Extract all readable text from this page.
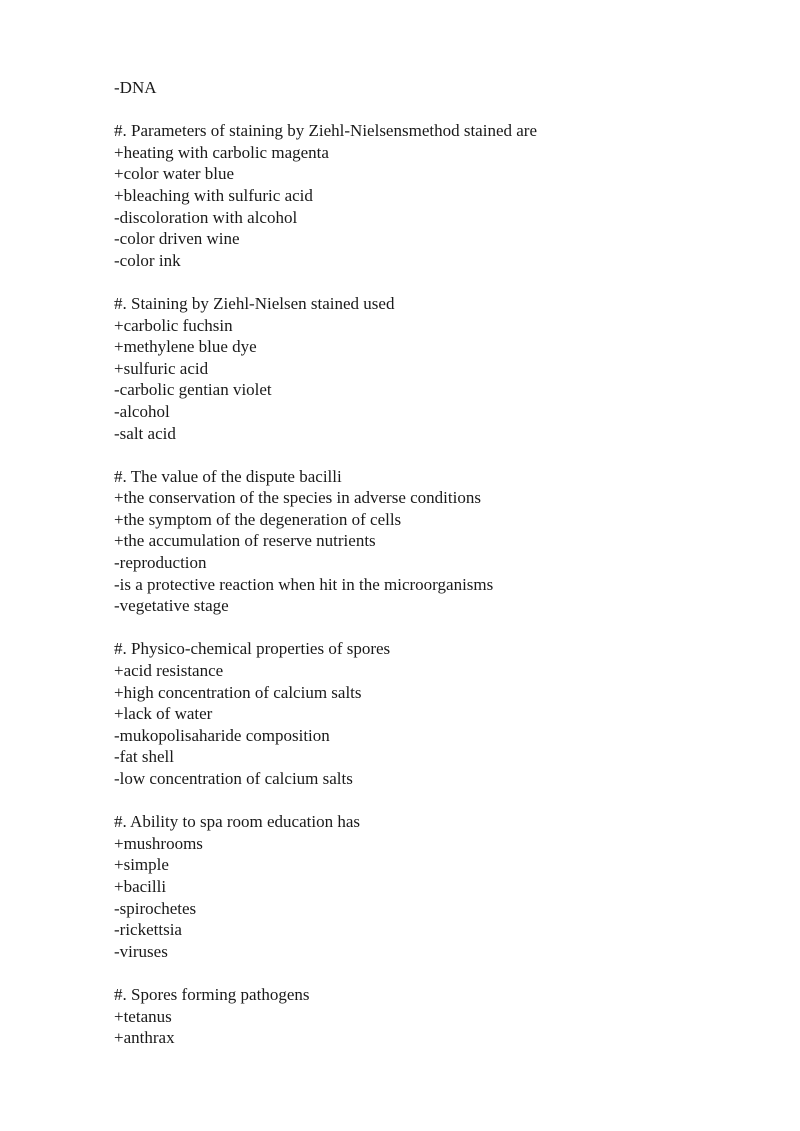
-DNA
#. Parameters of staining by Ziehl-Nielsensmethod stained are
+heating with carbolic magenta
+color water blue
+bleaching with sulfuric acid
-discoloration with alcohol
-color driven wine
-color ink
#. Staining by Ziehl-Nielsen stained used
+carbolic fuchsin
+methylene blue dye
+sulfuric acid
-carbolic gentian violet
-alcohol
-salt acid
#. The value of the dispute bacilli
+the conservation of the species in adverse conditions
+the symptom of the degeneration of cells
+the accumulation of reserve nutrients
-reproduction
-is a protective reaction when hit in the microorganisms
-vegetative stage
#. Physico-chemical properties of spores
+acid resistance
+high concentration of calcium salts
+lack of water
-mukopolisaharide composition
-fat shell
-low concentration of calcium salts
#. Ability to spa room education has
+mushrooms
+simple
+bacilli
-spirochetes
-rickettsia
-viruses
#. Spores forming pathogens
+tetanus
+anthrax
